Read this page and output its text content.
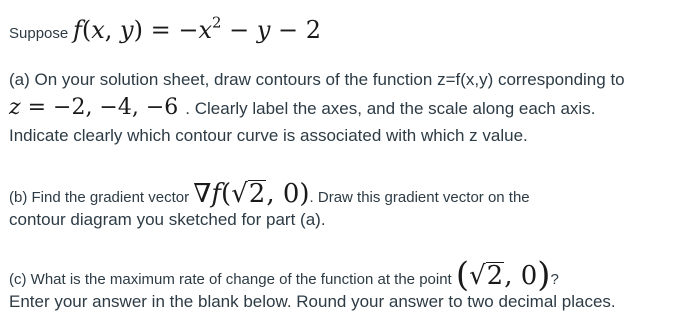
Suppose f(x, $y) = -x^2 - y - 2$
(a) On your solution sheet, draw contours of the function z=f(x,y) corresponding to
z = −2, −4, −6 . Clearly label the axes, and the scale along each axis.
Indicate clearly which contour curve is associated with which z value.
(b) Find the gradient vector ∇f(√2, 0). Draw this gradient vector on the
contour diagram you sketched for part (a).
(c) What is the maximum rate of change of the function at the point (√2, 0)?
Enter your answer in the blank below. Round your answer to two decimal places.
